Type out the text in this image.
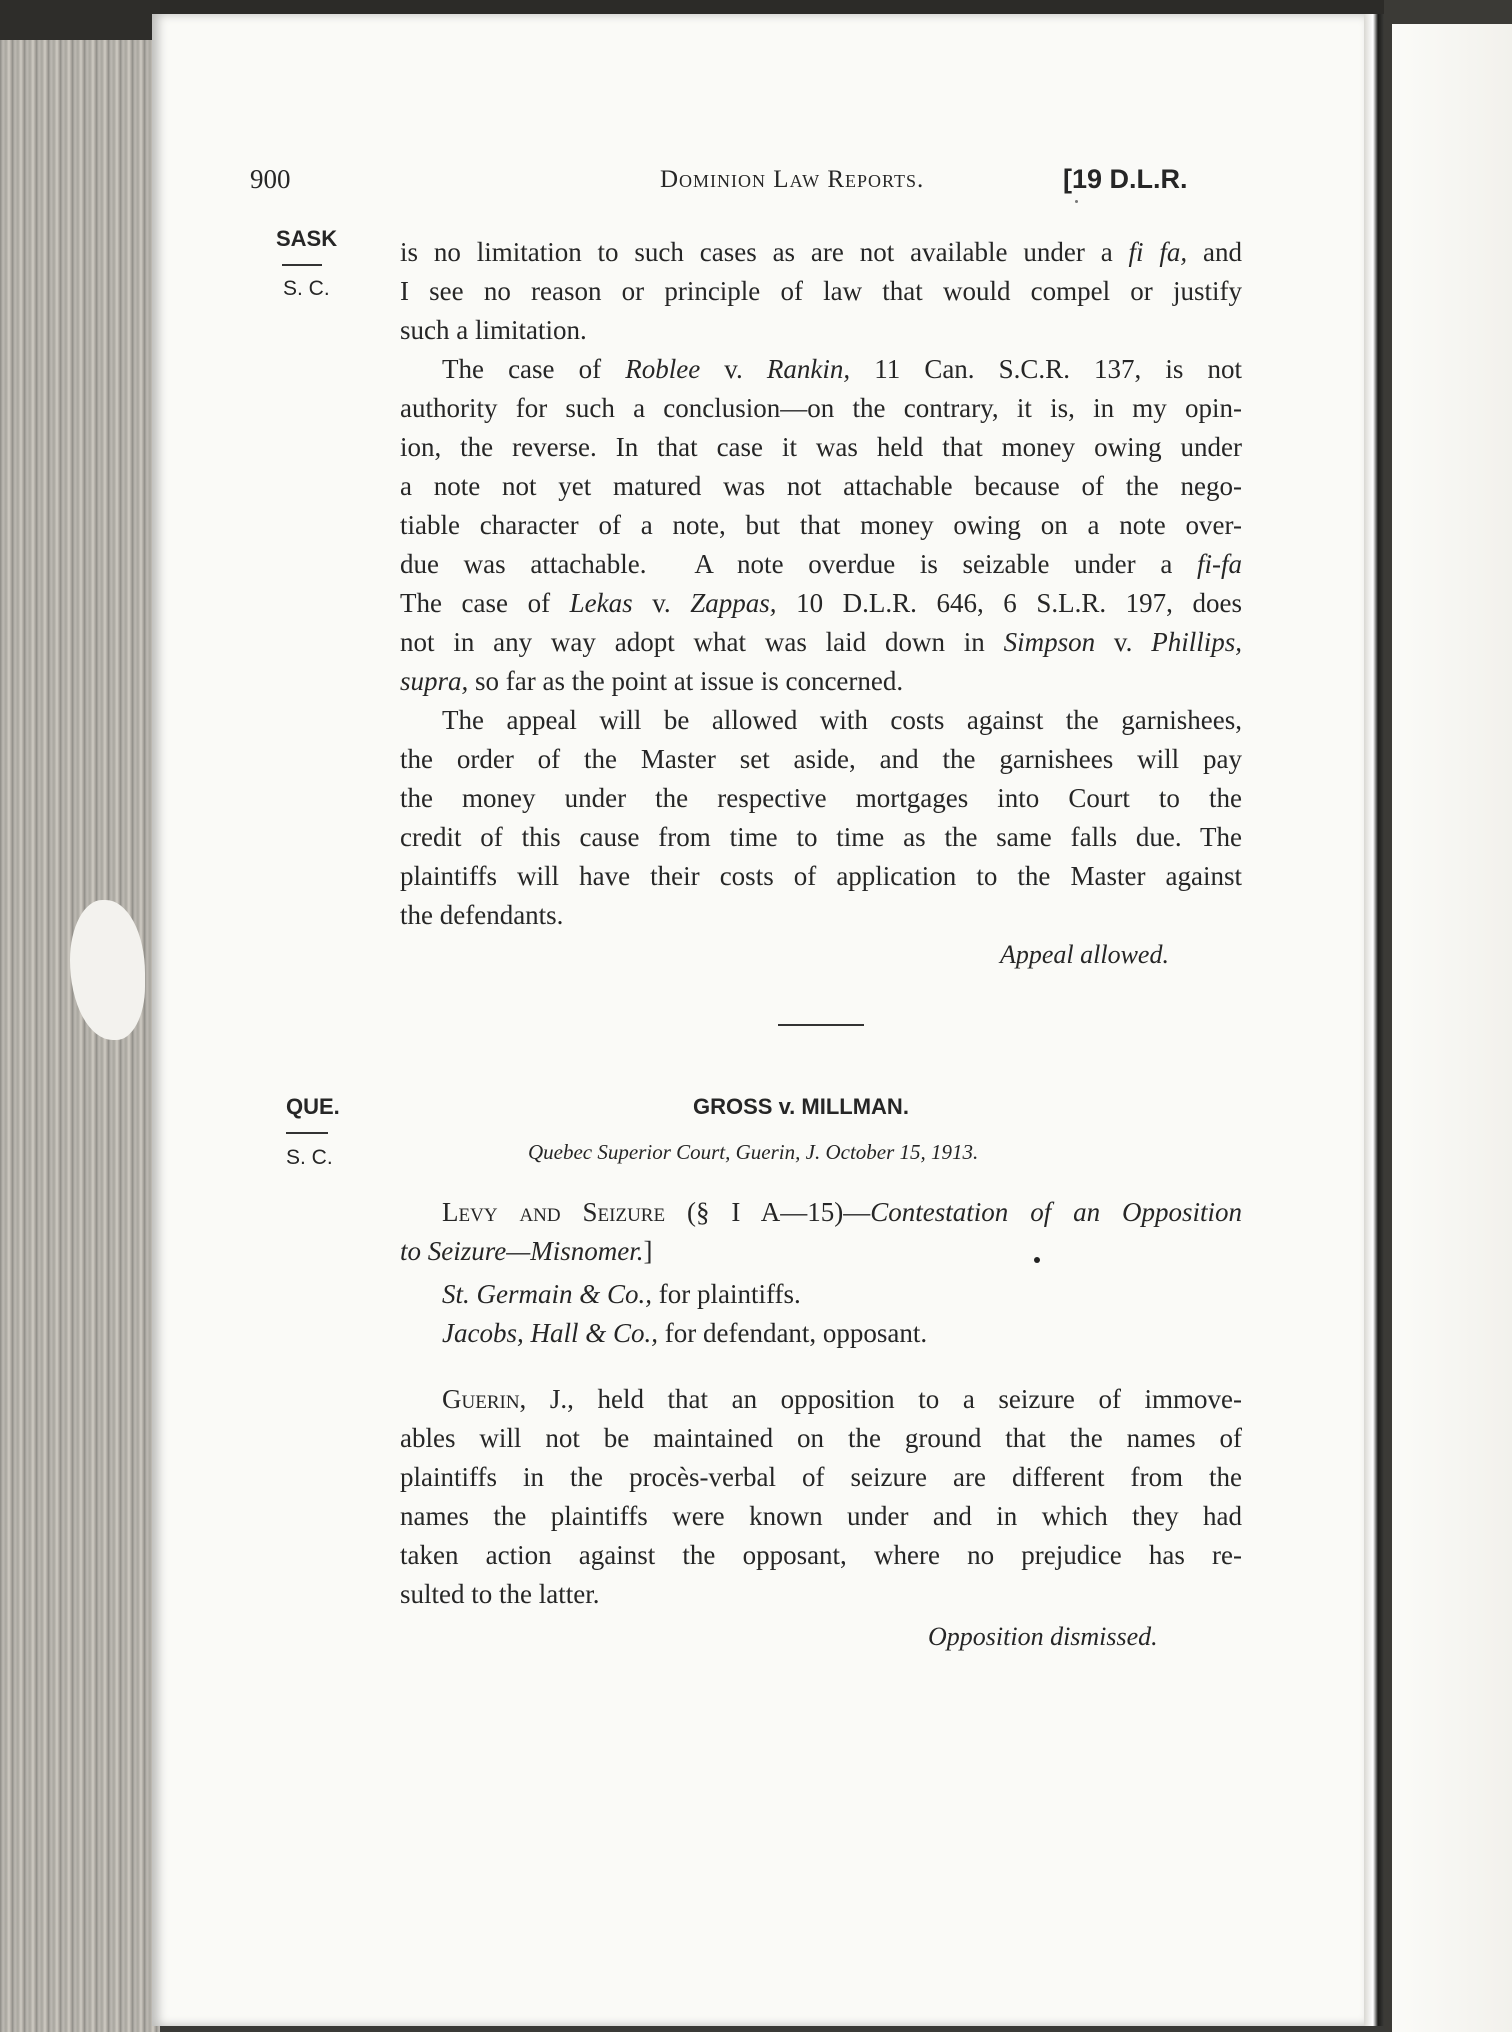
900	Dominion Law Reports.	[19 D.L.R.
SASK
S. C.
is no limitation to such cases as are not available under a fi fa, and
I see no reason or principle of law that would compel or justify
such a limitation.
The case of Roblee v. Rankin, 11 Can. S.C.R. 137, is not
authority for such a conclusion—on the contrary, it is, in my opin-
ion, the reverse. In that case it was held that money owing under
a note not yet matured was not attachable because of the nego-
tiable character of a note, but that money owing on a note over-
due was attachable.  A note overdue is seizable under a fi-fa
The case of Lekas v. Zappas, 10 D.L.R. 646, 6 S.L.R. 197, does
not in any way adopt what was laid down in Simpson v. Phillips,
supra, so far as the point at issue is concerned.
The appeal will be allowed with costs against the garnishees,
the order of the Master set aside, and the garnishees will pay
the money under the respective mortgages into Court to the
credit of this cause from time to time as the same falls due. The
plaintiffs will have their costs of application to the Master against
the defendants.
Appeal allowed.
QUE.
S. C.
GROSS v. MILLMAN.
Quebec Superior Court, Guerin, J. October 15, 1913.
Levy and Seizure (§ I A—15)—Contestation of an Opposition
to Seizure—Misnomer.]
St. Germain & Co., for plaintiffs.
Jacobs, Hall & Co., for defendant, opposant.
Guerin, J., held that an opposition to a seizure of immove-
ables will not be maintained on the ground that the names of
plaintiffs in the procès-verbal of seizure are different from the
names the plaintiffs were known under and in which they had
taken action against the opposant, where no prejudice has re-
sulted to the latter.
Opposition dismissed.
